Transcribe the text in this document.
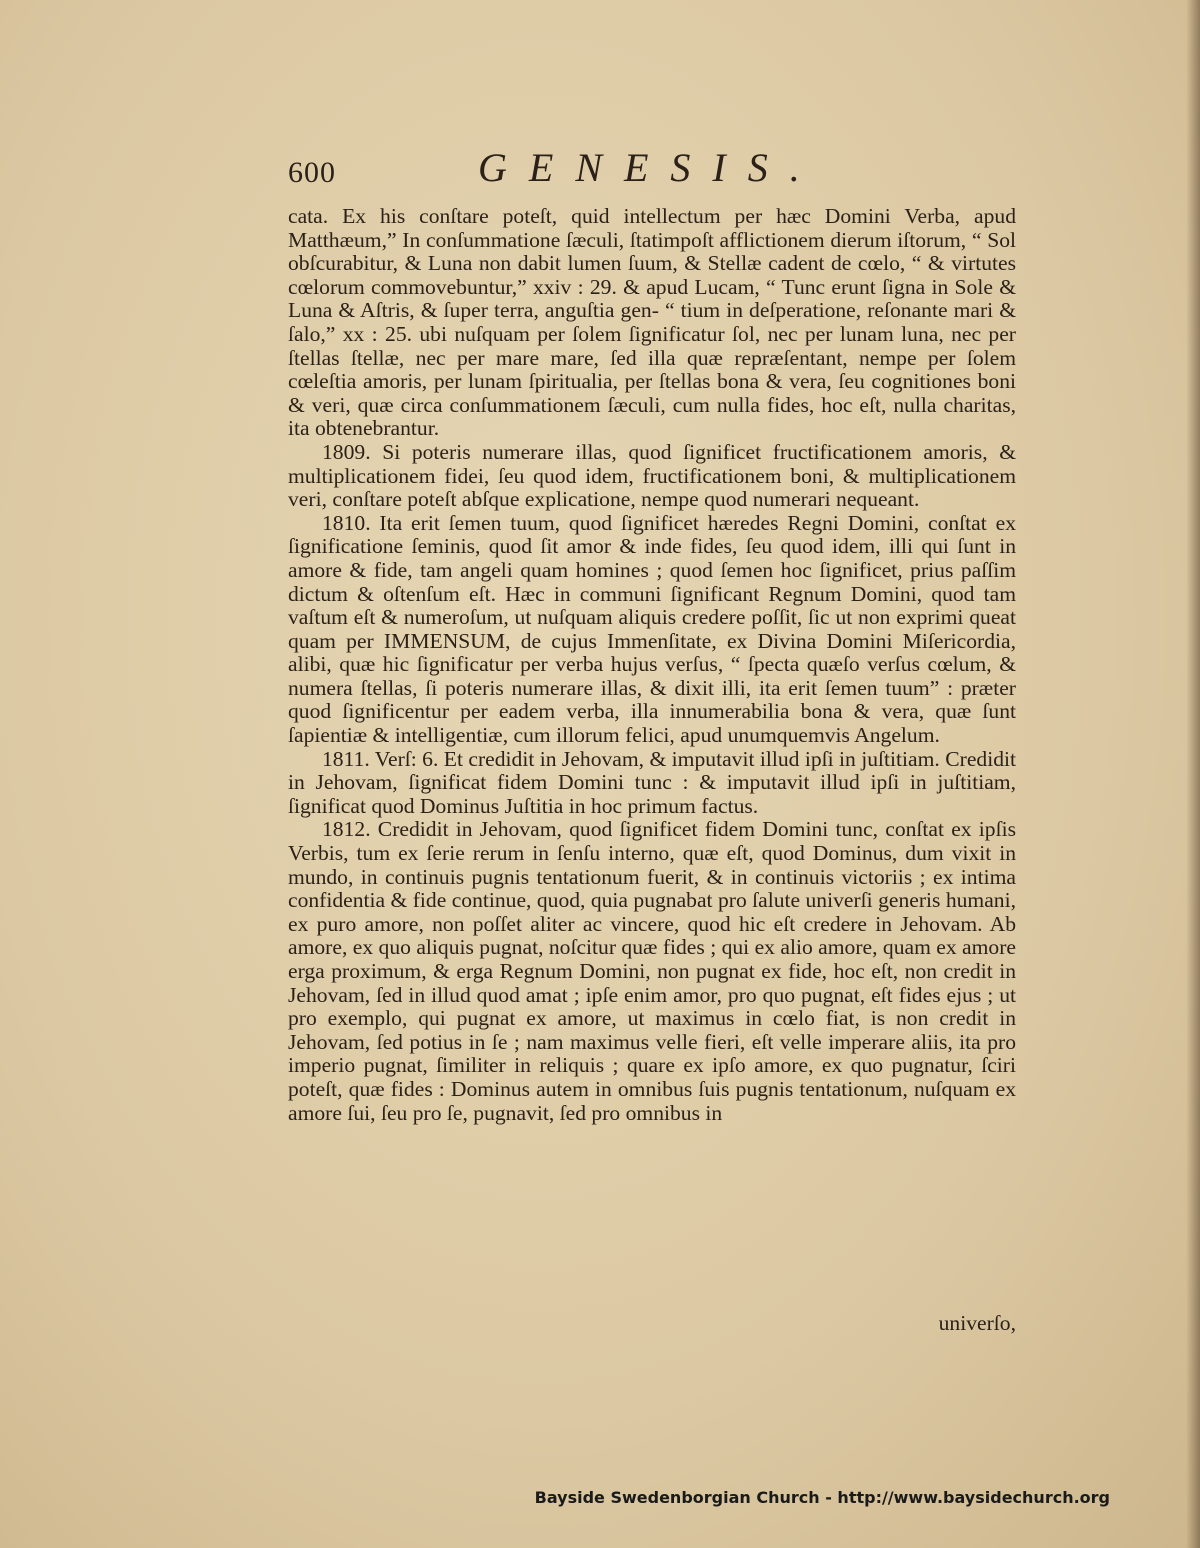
600	GENESIS.

cata. Ex his conſtare poteſt, quid intellectum per hæc Domini Verba, apud Matthæum,” In conſummatione ſæculi, ſtatimpoſt afflictionem dierum iſtorum, “ Sol obſcurabitur, & Luna non dabit lumen ſuum, & Stellæ cadent de cœlo, “ & virtutes cœlorum commovebuntur,” xxiv : 29. & apud Lucam, “ Tunc erunt ſigna in Sole & Luna & Aſtris, & ſuper terra, anguſtia gen- “ tium in deſperatione, reſonante mari & ſalo,” xx : 25. ubi nuſquam per ſolem ſignificatur ſol, nec per lunam luna, nec per ſtellas ſtellæ, nec per mare mare, ſed illa quæ repræſentant, nempe per ſolem cœleſtia amoris, per lunam ſpiritualia, per ſtellas bona & vera, ſeu cognitiones boni & veri, quæ circa conſummationem ſæculi, cum nulla fides, hoc eſt, nulla charitas, ita obtenebrantur.

1809. Si poteris numerare illas, quod ſignificet fructificationem amoris, & multiplicationem fidei, ſeu quod idem, fructificationem boni, & multiplicationem veri, conſtare poteſt abſque explicatione, nempe quod numerari nequeant.

1810. Ita erit ſemen tuum, quod ſignificet hæredes Regni Domini, conſtat ex ſignificatione ſeminis, quod ſit amor & inde fides, ſeu quod idem, illi qui ſunt in amore & fide, tam angeli quam homines ; quod ſemen hoc ſignificet, prius paſſim dictum & oſtenſum eſt. Hæc in communi ſignificant Regnum Domini, quod tam vaſtum eſt & numeroſum, ut nuſquam aliquis credere poſſit, ſic ut non exprimi queat quam per IMMENSUM, de cujus Immenſitate, ex Divina Domini Miſericordia, alibi, quæ hic ſignificatur per verba hujus verſus, “ ſpecta quæſo verſus cœlum, & numera ſtellas, ſi poteris numerare illas, & dixit illi, ita erit ſemen tuum” : præter quod ſignificentur per eadem verba, illa innumerabilia bona & vera, quæ ſunt ſapientiæ & intelligentiæ, cum illorum felici, apud unumquemvis Angelum.

1811. Verſ: 6. Et credidit in Jehovam, & imputavit illud ipſi in juſtitiam. Credidit in Jehovam, ſignificat fidem Domini tunc : & imputavit illud ipſi in juſtitiam, ſignificat quod Dominus Juſtitia in hoc primum factus.

1812. Credidit in Jehovam, quod ſignificet fidem Domini tunc, conſtat ex ipſis Verbis, tum ex ſerie rerum in ſenſu interno, quæ eſt, quod Dominus, dum vixit in mundo, in continuis pugnis tentationum fuerit, & in continuis victoriis ; ex intima confidentia & fide continue, quod, quia pugnabat pro ſalute univerſi generis humani, ex puro amore, non poſſet aliter ac vincere, quod hic eſt credere in Jehovam. Ab amore, ex quo aliquis pugnat, noſcitur quæ fides ; qui ex alio amore, quam ex amore erga proximum, & erga Regnum Domini, non pugnat ex fide, hoc eſt, non credit in Jehovam, ſed in illud quod amat ; ipſe enim amor, pro quo pugnat, eſt fides ejus ; ut pro exemplo, qui pugnat ex amore, ut maximus in cœlo fiat, is non credit in Jehovam, ſed potius in ſe ; nam maximus velle fieri, eſt velle imperare aliis, ita pro imperio pugnat, ſimiliter in reliquis ; quare ex ipſo amore, ex quo pugnatur, ſciri poteſt, quæ fides : Dominus autem in omnibus ſuis pugnis tentationum, nuſquam ex amore ſui, ſeu pro ſe, pugnavit, ſed pro omnibus in

univerſo,
Bayside Swedenborgian Church - http://www.baysidechurch.org
